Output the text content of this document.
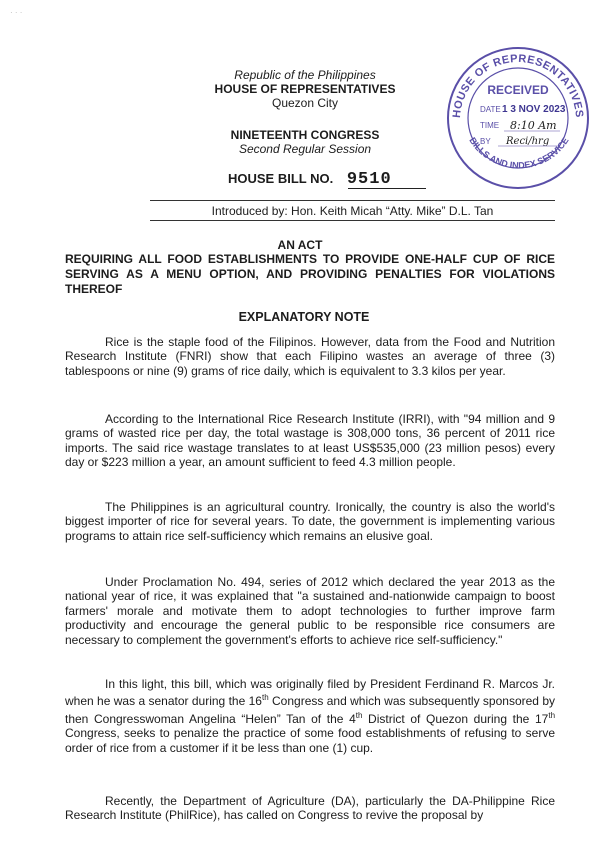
· · ·
Republic of the Philippines
HOUSE OF REPRESENTATIVES
Quezon City
NINETEENTH CONGRESS
Second Regular Session
HOUSE BILL NO. 9510
HOUSE OF REPRESENTATIVES
BILLS AND INDEX SERVICE
RECEIVED
DATE 1 3 NOV 2023
TIME 8:10 Am
BY Reci/hrg
Introduced by: Hon. Keith Micah “Atty. Mike” D.L. Tan
AN ACT
REQUIRING ALL FOOD ESTABLISHMENTS TO PROVIDE ONE-HALF CUP OF RICE SERVING AS A MENU OPTION, AND PROVIDING PENALTIES FOR VIOLATIONS THEREOF
EXPLANATORY NOTE
Rice is the staple food of the Filipinos. However, data from the Food and Nutrition Research Institute (FNRI) show that each Filipino wastes an average of three (3) tablespoons or nine (9) grams of rice daily, which is equivalent to 3.3 kilos per year.
According to the International Rice Research Institute (IRRI), with "94 million and 9 grams of wasted rice per day, the total wastage is 308,000 tons, 36 percent of 2011 rice imports. The said rice wastage translates to at least US$535,000 (23 million pesos) every day or $223 million a year, an amount sufficient to feed 4.3 million people.
The Philippines is an agricultural country. Ironically, the country is also the world's biggest importer of rice for several years. To date, the government is implementing various programs to attain rice self-sufficiency which remains an elusive goal.
Under Proclamation No. 494, series of 2012 which declared the year 2013 as the national year of rice, it was explained that "a sustained and-nationwide campaign to boost farmers' morale and motivate them to adopt technologies to further improve farm productivity and encourage the general public to be responsible rice consumers are necessary to complement the government's efforts to achieve rice self-sufficiency."
In this light, this bill, which was originally filed by President Ferdinand R. Marcos Jr. when he was a senator during the 16th Congress and which was subsequently sponsored by then Congresswoman Angelina “Helen” Tan of the 4th District of Quezon during the 17th Congress, seeks to penalize the practice of some food establishments of refusing to serve order of rice from a customer if it be less than one (1) cup.
Recently, the Department of Agriculture (DA), particularly the DA-Philippine Rice Research Institute (PhilRice), has called on Congress to revive the proposal by
